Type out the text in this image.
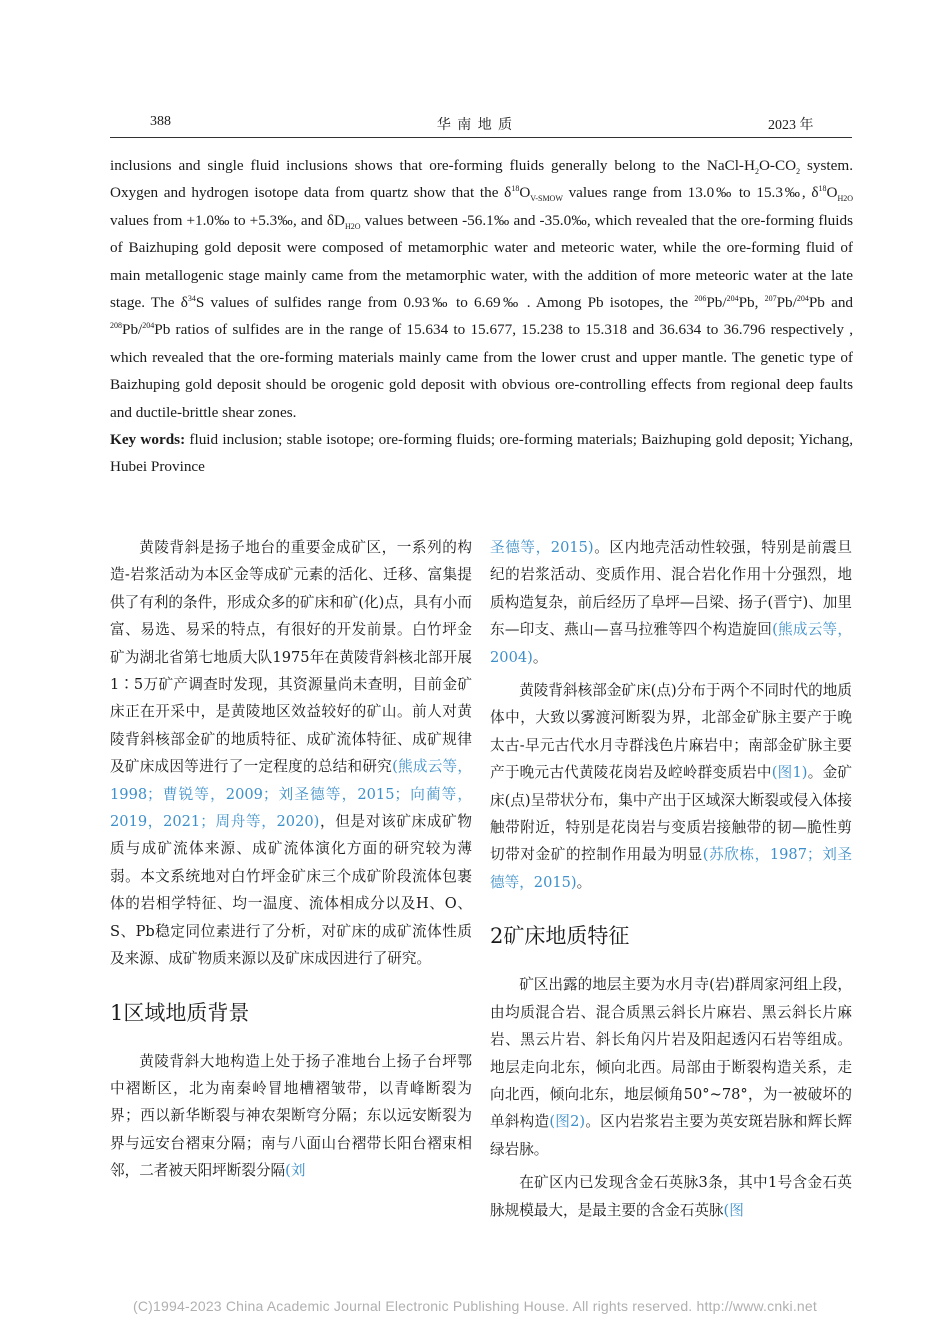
388	华 南 地 质	2023 年
inclusions and single fluid inclusions shows that ore-forming fluids generally belong to the NaCl-$H_2O-CO_2$ system. Oxygen and hydrogen isotope data from quartz show that the $\delta^{18}O_{V-SMOW}$ values range from 13.0‰ to 15.3‰, $\delta^{18}O_{H2O}$ values from +1.0‰ to +5.3‰, and $\delta D_{H2O}$ values between -56.1‰ and -35.0‰, which revealed that the ore-forming fluids of Baizhuping gold deposit were composed of metamorphic water and meteoric water, while the ore-forming fluid of main metallogenic stage mainly came from the metamorphic water, with the addition of more meteoric water at the late stage. The $\delta^{34}S$ values of sulfides range from 0.93‰ to 6.69‰ . Among Pb isotopes, the $^{206}$Pb/$^{204}$Pb, $^{207}$Pb/$^{204}$Pb and $^{208}$Pb/$^{204}$Pb ratios of sulfides are in the range of 15.634 to 15.677, 15.238 to 15.318 and 36.634 to 36.796 respectively , which revealed that the ore-forming materials mainly came from the lower crust and upper mantle. The genetic type of Baizhuping gold deposit should be orogenic gold deposit with obvious ore-controlling effects from regional deep faults and ductile-brittle shear zones.
Key words: fluid inclusion; stable isotope; ore-forming fluids; ore-forming materials; Baizhuping gold deposit; Yichang, Hubei Province

黄陵背斜是扬子地台的重要金成矿区，一系列的构造-岩浆活动为本区金等成矿元素的活化、迁移、富集提供了有利的条件，形成众多的矿床和矿(化)点，具有小而富、易选、易采的特点，有很好的开发前景。白竹坪金矿为湖北省第七地质大队1975年在黄陵背斜核北部开展1∶5万矿产调查时发现，其资源量尚未查明，目前金矿床正在开采中，是黄陵地区效益较好的矿山。前人对黄陵背斜核部金矿的地质特征、成矿流体特征、成矿规律及矿床成因等进行了一定程度的总结和研究(熊成云等，1998；曹锐等，2009；刘圣德等，2015；向蔺等，2019，2021；周舟等，2020)，但是对该矿床成矿物质与成矿流体来源、成矿流体演化方面的研究较为薄弱。本文系统地对白竹坪金矿床三个成矿阶段流体包裹体的岩相学特征、均一温度、流体相成分以及H、O、S、Pb稳定同位素进行了分析，对矿床的成矿流体性质及来源、成矿物质来源以及矿床成因进行了研究。

1区域地质背景

黄陵背斜大地构造上处于扬子准地台上扬子台坪鄂中褶断区，北为南秦岭冒地槽褶皱带，以青峰断裂为界；西以新华断裂与神农架断穹分隔；东以远安断裂为界与远安台褶束分隔；南与八面山台褶带长阳台褶束相邻，二者被天阳坪断裂分隔(刘

圣德等，2015)。区内地壳活动性较强，特别是前震旦纪的岩浆活动、变质作用、混合岩化作用十分强烈，地质构造复杂，前后经历了阜坪—吕梁、扬子(晋宁)、加里东—印支、燕山—喜马拉雅等四个构造旋回(熊成云等，2004)。

黄陵背斜核部金矿床(点)分布于两个不同时代的地质体中，大致以雾渡河断裂为界，北部金矿脉主要产于晚太古-早元古代水月寺群浅色片麻岩中；南部金矿脉主要产于晚元古代黄陵花岗岩及崆岭群变质岩中(图1)。金矿床(点)呈带状分布，集中产出于区域深大断裂或侵入体接触带附近，特别是花岗岩与变质岩接触带的韧—脆性剪切带对金矿的控制作用最为明显(苏欣栋，1987；刘圣德等，2015)。

2矿床地质特征

矿区出露的地层主要为水月寺(岩)群周家河组上段，由均质混合岩、混合质黑云斜长片麻岩、黑云斜长片麻岩、黑云片岩、斜长角闪片岩及阳起透闪石岩等组成。地层走向北东，倾向北西。局部由于断裂构造关系，走向北西，倾向北东，地层倾角50°~78°，为一被破坏的单斜构造(图2)。区内岩浆岩主要为英安斑岩脉和辉长辉绿岩脉。

在矿区内已发现含金石英脉3条，其中1号含金石英脉规模最大，是最主要的含金石英脉(图

(C)1994-2023 China Academic Journal Electronic Publishing House. All rights reserved. http://www.cnki.net
